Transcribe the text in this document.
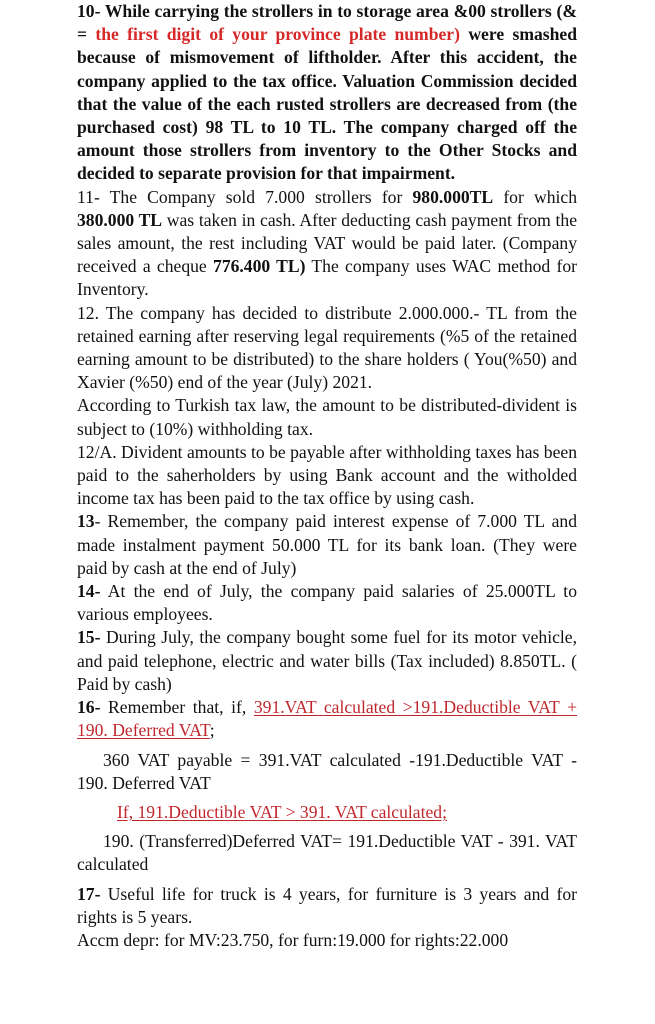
10- While carrying the strollers in to storage area &00 strollers (& = the first digit of your province plate number) were smashed because of mismovement of liftholder. After this accident, the company applied to the tax office. Valuation Commission decided that the value of the each rusted strollers are decreased from (the purchased cost) 98 TL to 10 TL. The company charged off the amount those strollers from inventory to the Other Stocks and decided to separate provision for that impairment.

11- The Company sold 7.000 strollers for 980.000TL for which 380.000 TL was taken in cash. After deducting cash payment from the sales amount, the rest including VAT would be paid later. (Company received a cheque 776.400 TL) The company uses WAC method for Inventory.

12. The company has decided to distribute 2.000.000.- TL from the retained earning after reserving legal requirements (%5 of the retained earning amount to be distributed) to the share holders ( You(%50) and Xavier (%50) end of the year (July) 2021.

According to Turkish tax law, the amount to be distributed-divident is subject to (10%) withholding tax.

12/A. Divident amounts to be payable after withholding taxes has been paid to the saherholders by using Bank account and the witholded income tax has been paid to the tax office by using cash.

13- Remember, the company paid interest expense of 7.000 TL and made instalment payment 50.000 TL for its bank loan. (They were paid by cash at the end of July)

14- At the end of July, the company paid salaries of 25.000TL to various employees.

15- During July, the company bought some fuel for its motor vehicle, and paid telephone, electric and water bills (Tax included) 8.850TL. ( Paid by cash)

16- Remember that, if, 391.VAT calculated >191.Deductible VAT + 190. Deferred VAT;

360 VAT payable = 391.VAT calculated -191.Deductible VAT - 190. Deferred VAT

If, 191.Deductible VAT > 391. VAT calculated;

190. (Transferred)Deferred VAT= 191.Deductible VAT - 391. VAT calculated

17- Useful life for truck is 4 years, for furniture is 3 years and for rights is 5 years.

Accm depr: for MV:23.750, for furn:19.000 for rights:22.000
